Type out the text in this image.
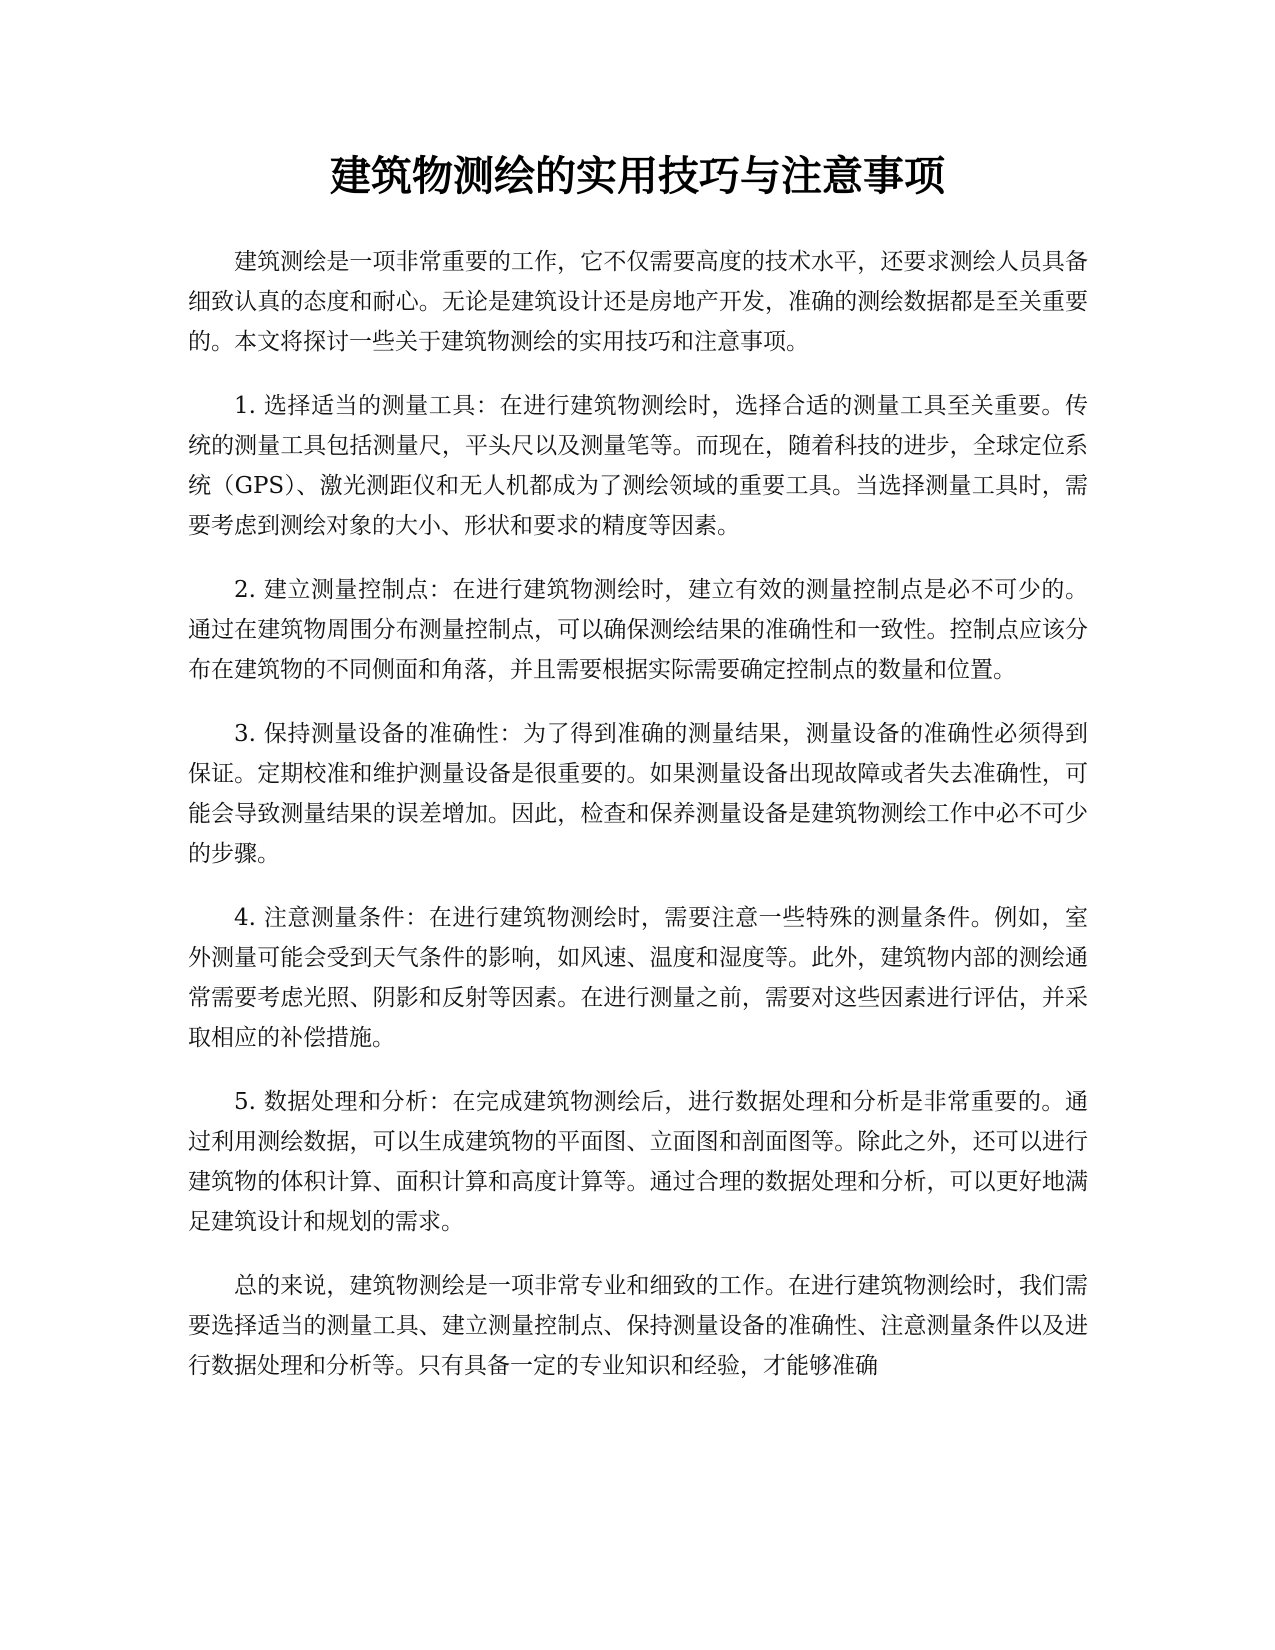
建筑物测绘的实用技巧与注意事项

建筑测绘是一项非常重要的工作，它不仅需要高度的技术水平，还要求测绘人员具备细致认真的态度和耐心。无论是建筑设计还是房地产开发，准确的测绘数据都是至关重要的。本文将探讨一些关于建筑物测绘的实用技巧和注意事项。

1. 选择适当的测量工具：在进行建筑物测绘时，选择合适的测量工具至关重要。传统的测量工具包括测量尺，平头尺以及测量笔等。而现在，随着科技的进步，全球定位系统（GPS）、激光测距仪和无人机都成为了测绘领域的重要工具。当选择测量工具时，需要考虑到测绘对象的大小、形状和要求的精度等因素。

2. 建立测量控制点：在进行建筑物测绘时，建立有效的测量控制点是必不可少的。通过在建筑物周围分布测量控制点，可以确保测绘结果的准确性和一致性。控制点应该分布在建筑物的不同侧面和角落，并且需要根据实际需要确定控制点的数量和位置。

3. 保持测量设备的准确性：为了得到准确的测量结果，测量设备的准确性必须得到保证。定期校准和维护测量设备是很重要的。如果测量设备出现故障或者失去准确性，可能会导致测量结果的误差增加。因此，检查和保养测量设备是建筑物测绘工作中必不可少的步骤。

4. 注意测量条件：在进行建筑物测绘时，需要注意一些特殊的测量条件。例如，室外测量可能会受到天气条件的影响，如风速、温度和湿度等。此外，建筑物内部的测绘通常需要考虑光照、阴影和反射等因素。在进行测量之前，需要对这些因素进行评估，并采取相应的补偿措施。

5. 数据处理和分析：在完成建筑物测绘后，进行数据处理和分析是非常重要的。通过利用测绘数据，可以生成建筑物的平面图、立面图和剖面图等。除此之外，还可以进行建筑物的体积计算、面积计算和高度计算等。通过合理的数据处理和分析，可以更好地满足建筑设计和规划的需求。

总的来说，建筑物测绘是一项非常专业和细致的工作。在进行建筑物测绘时，我们需要选择适当的测量工具、建立测量控制点、保持测量设备的准确性、注意测量条件以及进行数据处理和分析等。只有具备一定的专业知识和经验，才能够准确
